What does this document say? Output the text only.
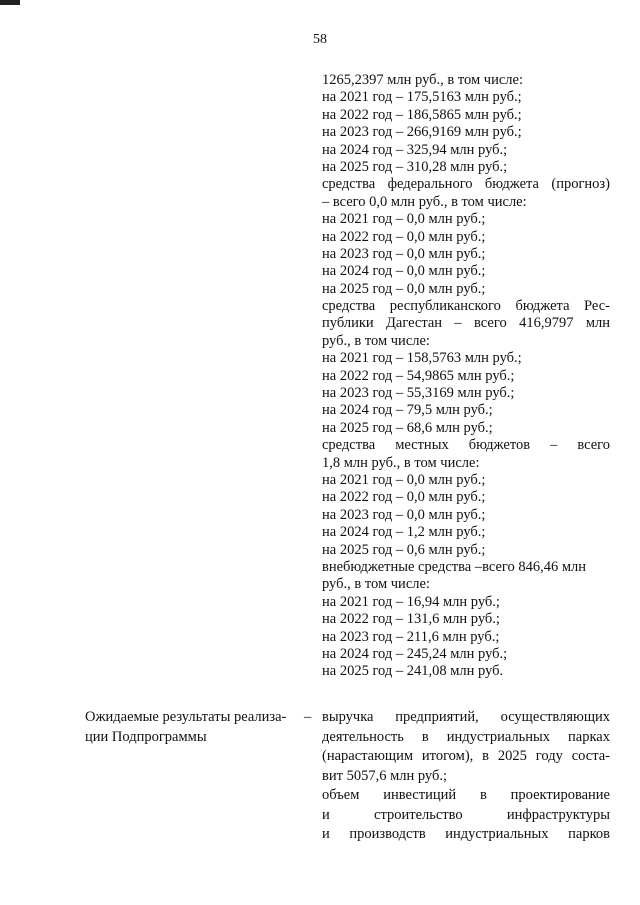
58
1265,2397 млн руб., в том числе:
на 2021 год – 175,5163 млн руб.;
на 2022 год – 186,5865 млн руб.;
на 2023 год – 266,9169 млн руб.;
на 2024 год – 325,94 млн руб.;
на 2025 год – 310,28 млн руб.;
средства федерального бюджета (прогноз)
– всего 0,0 млн руб., в том числе:
на 2021 год – 0,0 млн руб.;
на 2022 год – 0,0 млн руб.;
на 2023 год – 0,0 млн руб.;
на 2024 год – 0,0 млн руб.;
на 2025 год – 0,0 млн руб.;
средства республиканского бюджета Рес-
публики Дагестан – всего 416,9797 млн
руб., в том числе:
на 2021 год – 158,5763 млн руб.;
на 2022 год – 54,9865 млн руб.;
на 2023 год – 55,3169 млн руб.;
на 2024 год – 79,5 млн руб.;
на 2025 год – 68,6 млн руб.;
средства местных бюджетов – всего
1,8 млн руб., в том числе:
на 2021 год – 0,0 млн руб.;
на 2022 год – 0,0 млн руб.;
на 2023 год – 0,0 млн руб.;
на 2024 год – 1,2 млн руб.;
на 2025 год – 0,6 млн руб.;
внебюджетные средства –всего 846,46 млн
руб., в том числе:
на 2021 год – 16,94 млн руб.;
на 2022 год – 131,6 млн руб.;
на 2023 год – 211,6 млн руб.;
на 2024 год – 245,24 млн руб.;
на 2025 год – 241,08 млн руб.
Ожидаемые результаты реализа-
ции Подпрограммы
– выручка предприятий, осуществляющих
деятельность в индустриальных парках
(нарастающим итогом), в 2025 году соста-
вит 5057,6 млн руб.;
объем инвестиций в проектирование
и строительство инфраструктуры
и производств индустриальных парков
